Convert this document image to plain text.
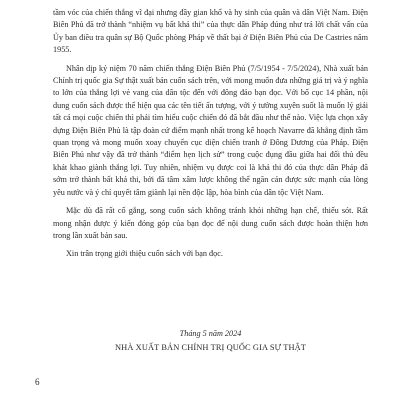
tầm vóc của chiến thắng vĩ đại nhưng đầy gian khổ và hy sinh của quân và dân Việt Nam. Điện Biên Phủ đã trở thành “nhiệm vụ bất khả thi” của thực dân Pháp đúng như trả lời chất vấn của Ủy ban điều tra quân sự Bộ Quốc phòng Pháp về thất bại ở Điện Biên Phủ của De Castries năm 1955.

Nhân dịp kỷ niệm 70 năm chiến thắng Điện Biên Phủ (7/5/1954 - 7/5/2024), Nhà xuất bản Chính trị quốc gia Sự thật xuất bản cuốn sách trên, với mong muốn đưa những giá trị và ý nghĩa to lớn của thắng lợi vẻ vang của dân tộc đến với đông đảo bạn đọc. Với bố cục 14 phần, nội dung cuốn sách được thể hiện qua các tên tiết ấn tượng, với ý tưởng xuyên suốt là muốn lý giải tất cả mọi cuộc chiến thì phải tìm hiểu cuộc chiến đó đã bắt đầu như thế nào. Việc lựa chọn xây dựng Điện Biên Phủ là tập đoàn cứ điểm mạnh nhất trong kế hoạch Navarre đã khẳng định tầm quan trọng và mong muốn xoay chuyển cục diện chiến tranh ở Đông Dương của Pháp. Điện Biên Phủ như vậy đã trở thành “điểm hẹn lịch sử” trong cuộc đụng đầu giữa hai đối thủ đều khát khao giành thắng lợi. Tuy nhiên, nhiệm vụ được coi là khả thi đó của thực dân Pháp đã sớm trở thành bất khả thi, bởi đã tâm xâm lược không thể ngăn cản được sức mạnh của lòng yêu nước và ý chí quyết tâm giành lại nền độc lập, hòa bình của dân tộc Việt Nam.

Mặc dù đã rất cố gắng, song cuốn sách không tránh khỏi những hạn chế, thiếu sót. Rất mong nhận được ý kiến đóng góp của bạn đọc để nội dung cuốn sách được hoàn thiện hơn trong lần xuất bản sau.

Xin trân trọng giới thiệu cuốn sách với bạn đọc.

Tháng 5 năm 2024
NHÀ XUẤT BẢN CHÍNH TRỊ QUỐC GIA SỰ THẬT
6
